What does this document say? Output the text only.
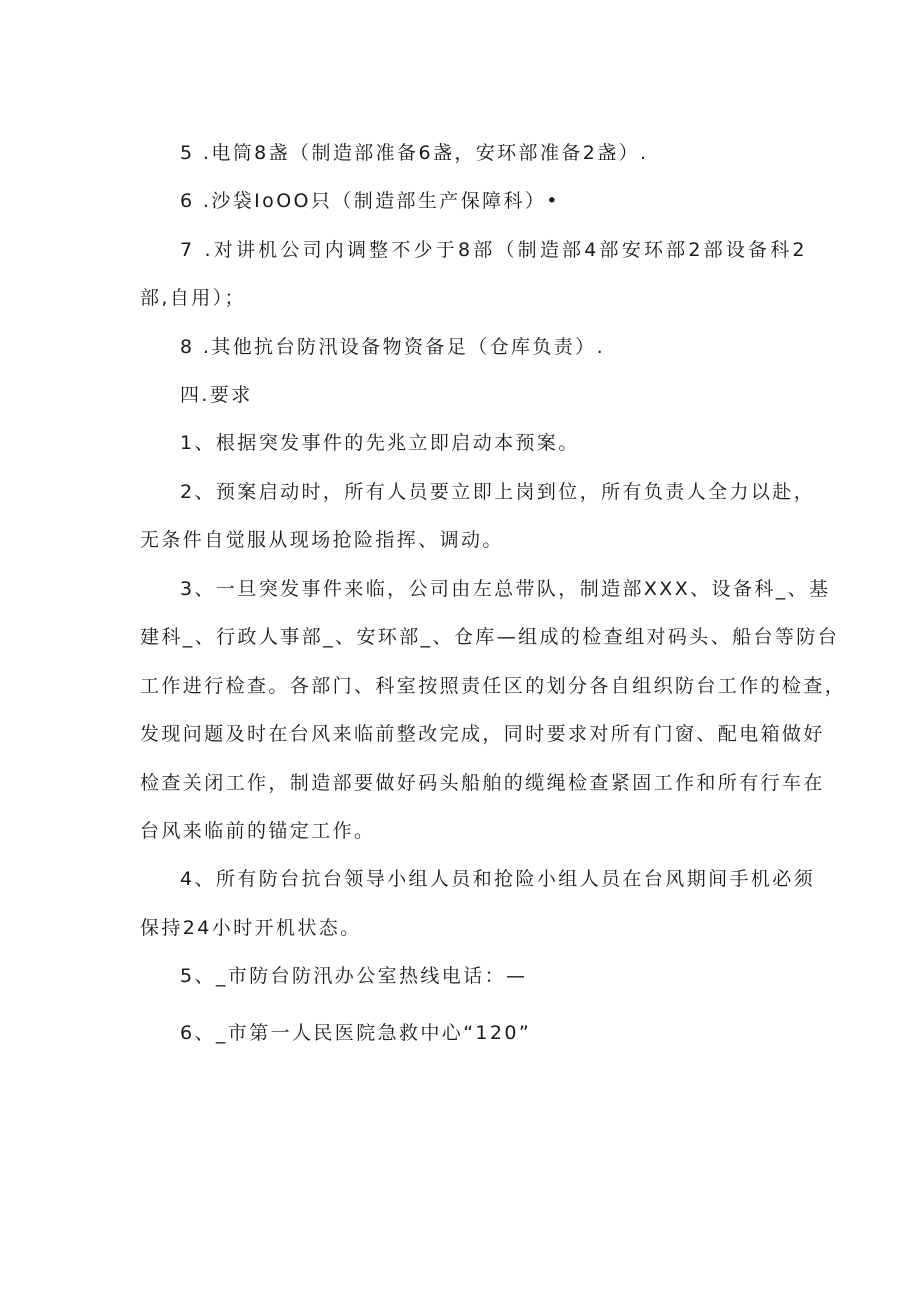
5 .电筒8盏（制造部准备6盏，安环部准备2盏）.
6 .沙袋IoOO只（制造部生产保障科）•
7 .对讲机公司内调整不少于8部（制造部4部安环部2部设备科2
部,自用）；
8 .其他抗台防汛设备物资备足（仓库负责）.
四.要求
1、根据突发事件的先兆立即启动本预案。
2、预案启动时，所有人员要立即上岗到位，所有负责人全力以赴，
无条件自觉服从现场抢险指挥、调动。
3、一旦突发事件来临，公司由左总带队，制造部XXX、设备科_、基
建科_、行政人事部_、安环部_、仓库—组成的检查组对码头、船台等防台
工作进行检查。各部门、科室按照责任区的划分各自组织防台工作的检查，
发现问题及时在台风来临前整改完成，同时要求对所有门窗、配电箱做好
检查关闭工作，制造部要做好码头船舶的缆绳检查紧固工作和所有行车在
台风来临前的锚定工作。
4、所有防台抗台领导小组人员和抢险小组人员在台风期间手机必须
保持24小时开机状态。
5、_市防台防汛办公室热线电话：—
6、_市第一人民医院急救中心“120”
